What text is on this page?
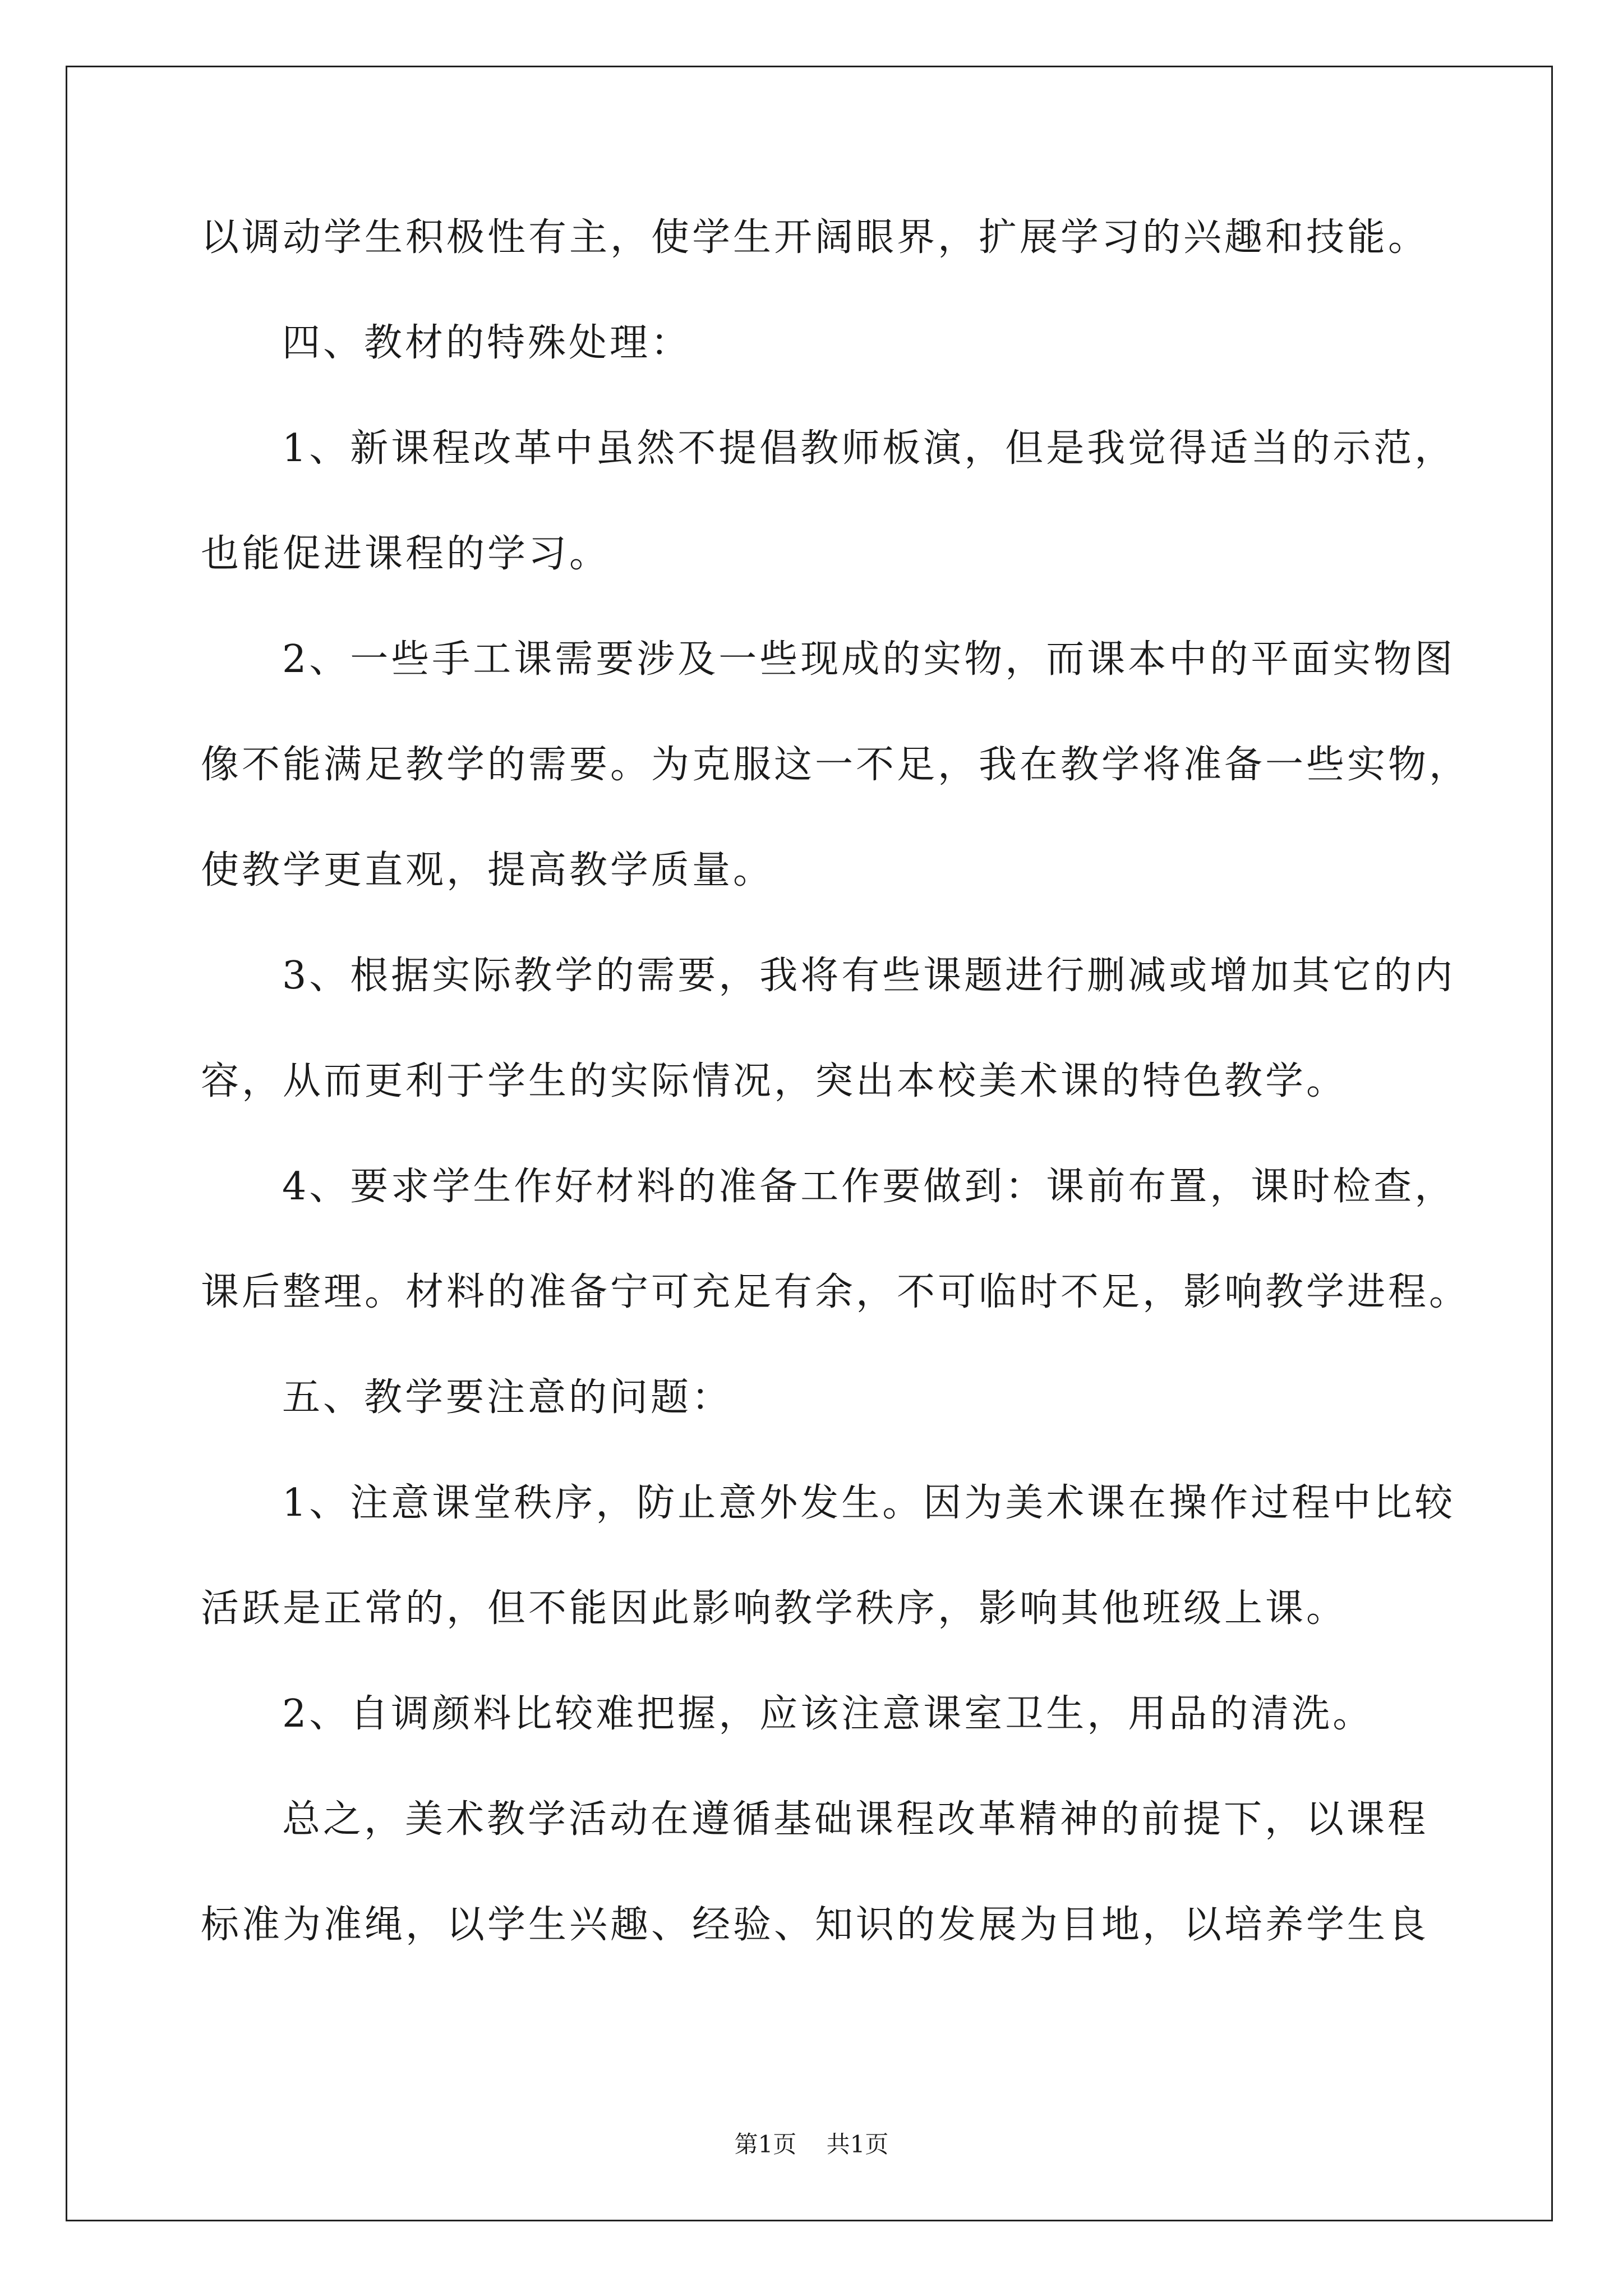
以调动学生积极性有主，使学生开阔眼界，扩展学习的兴趣和技能。

四、教材的特殊处理：

1、新课程改革中虽然不提倡教师板演，但是我觉得适当的示范，

也能促进课程的学习。

2、一些手工课需要涉及一些现成的实物，而课本中的平面实物图

像不能满足教学的需要。为克服这一不足，我在教学将准备一些实物，

使教学更直观，提高教学质量。

3、根据实际教学的需要，我将有些课题进行删减或增加其它的内

容，从而更利于学生的实际情况，突出本校美术课的特色教学。

4、要求学生作好材料的准备工作要做到：课前布置，课时检查，

课后整理。材料的准备宁可充足有余，不可临时不足，影响教学进程。

五、教学要注意的问题：

1、注意课堂秩序，防止意外发生。因为美术课在操作过程中比较

活跃是正常的，但不能因此影响教学秩序，影响其他班级上课。

2、自调颜料比较难把握，应该注意课室卫生，用品的清洗。

总之，美术教学活动在遵循基础课程改革精神的前提下，以课程

标准为准绳，以学生兴趣、经验、知识的发展为目地，以培养学生良

第1页 共1页
